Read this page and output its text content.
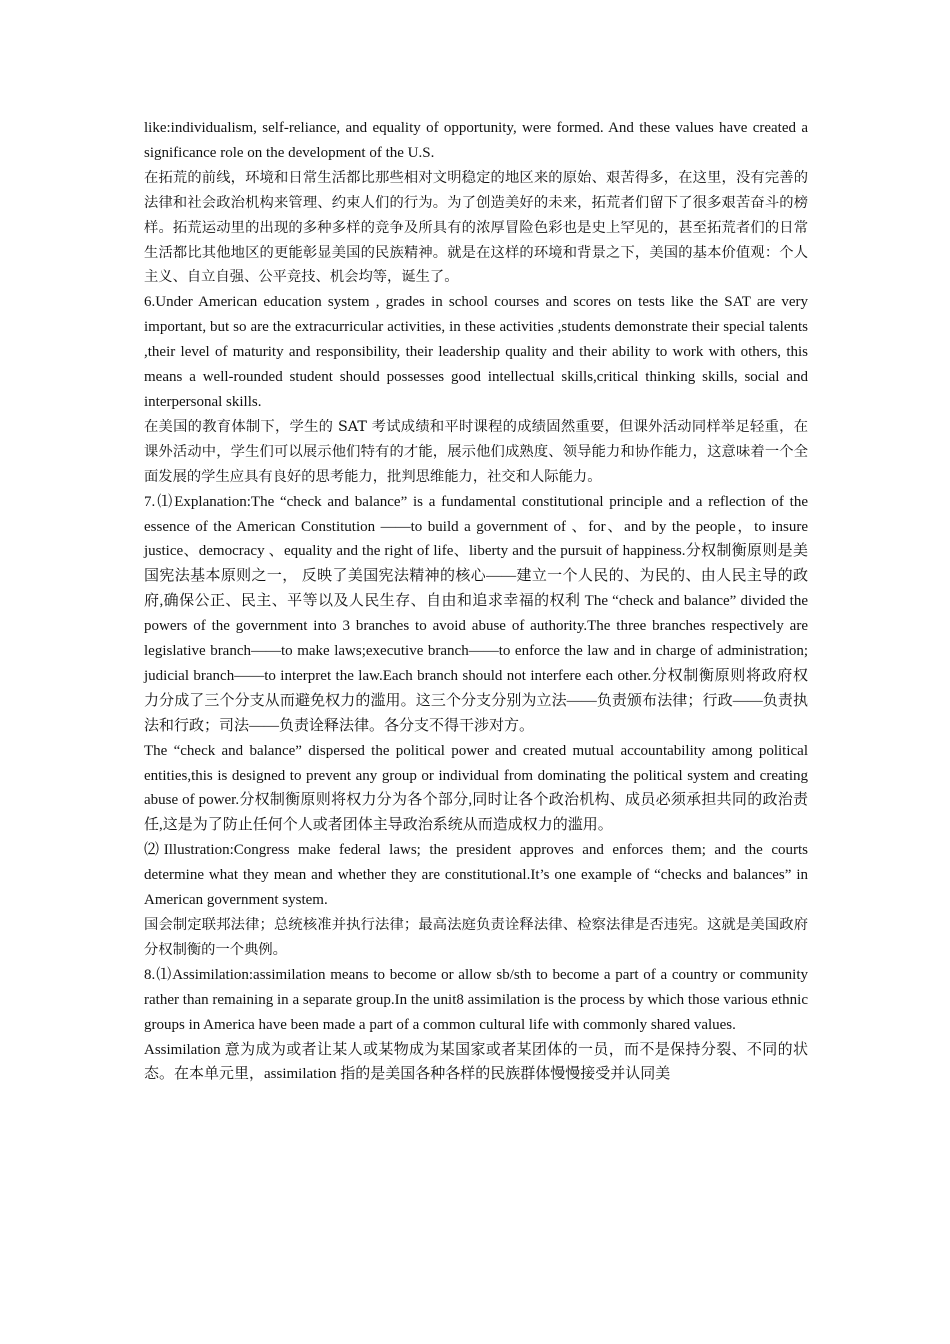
like:individualism, self-reliance, and equality of opportunity, were formed. And these values have created a significance role on the development of the U.S.

在拓荒的前线，环境和日常生活都比那些相对文明稳定的地区来的原始、艰苦得多，在这里，没有完善的法律和社会政治机构来管理、约束人们的行为。为了创造美好的未来，拓荒者们留下了很多艰苦奋斗的榜样。拓荒运动里的出现的多种多样的竞争及所具有的浓厚冒险色彩也是史上罕见的，甚至拓荒者们的日常生活都比其他地区的更能彰显美国的民族精神。就是在这样的环境和背景之下，美国的基本价值观：个人主义、自立自强、公平竞技、机会均等，诞生了。

6.Under American education system , grades in school courses and scores on tests like the SAT are very important, but so are the extracurricular activities, in these activities ,students demonstrate their special talents ,their level of maturity and responsibility, their leadership quality and their ability to work with others, this means a well-rounded student should possesses good intellectual skills,critical thinking skills, social and interpersonal skills.

在美国的教育体制下，学生的 SAT 考试成绩和平时课程的成绩固然重要，但课外活动同样举足轻重，在课外活动中，学生们可以展示他们特有的才能，展示他们成熟度、领导能力和协作能力，这意味着一个全面发展的学生应具有良好的思考能力，批判思维能力，社交和人际能力。

7.⑴Explanation:The “check and balance” is a fundamental constitutional principle and a reflection of the essence of the American Constitution ——to build a government of 、for、and by the people，to insure justice、democracy 、equality and the right of life、liberty and the pursuit of happiness.分权制衡原则是美国宪法基本原则之一， 反映了美国宪法精神的核心——建立一个人民的、为民的、由人民主导的政府,确保公正、民主、平等以及人民生存、自由和追求幸福的权利 The “check and balance” divided the powers of the government into 3 branches to avoid abuse of authority.The three branches respectively are legislative branch——to make laws;executive branch——to enforce the law and in charge of administration; judicial branch——to interpret the law.Each branch should not interfere each other.分权制衡原则将政府权力分成了三个分支从而避免权力的滥用。这三个分支分别为立法——负责颁布法律；行政——负责执法和行政；司法——负责诠释法律。各分支不得干涉对方。

The “check and balance” dispersed the political power and created mutual accountability among political entities,this is designed to prevent any group or individual from dominating the political system and creating abuse of power.分权制衡原则将权力分为各个部分,同时让各个政治机构、成员必须承担共同的政治责任,这是为了防止任何个人或者团体主导政治系统从而造成权力的滥用。

⑵Illustration:Congress make federal laws; the president approves and enforces them; and the courts determine what they mean and whether they are constitutional.It’s one example of “checks and balances” in American government system.

国会制定联邦法律；总统核准并执行法律；最高法庭负责诠释法律、检察法律是否违宪。这就是美国政府分权制衡的一个典例。

8.⑴Assimilation:assimilation means to become or allow sb/sth to become a part of a country or community rather than remaining in a separate group.In the unit8 assimilation is the process by which those various ethnic groups in America have been made a part of a common cultural life with commonly shared values.

Assimilation 意为成为或者让某人或某物成为某国家或者某团体的一员，而不是保持分裂、不同的状态。在本单元里，assimilation 指的是美国各种各样的民族群体慢慢接受并认同美
